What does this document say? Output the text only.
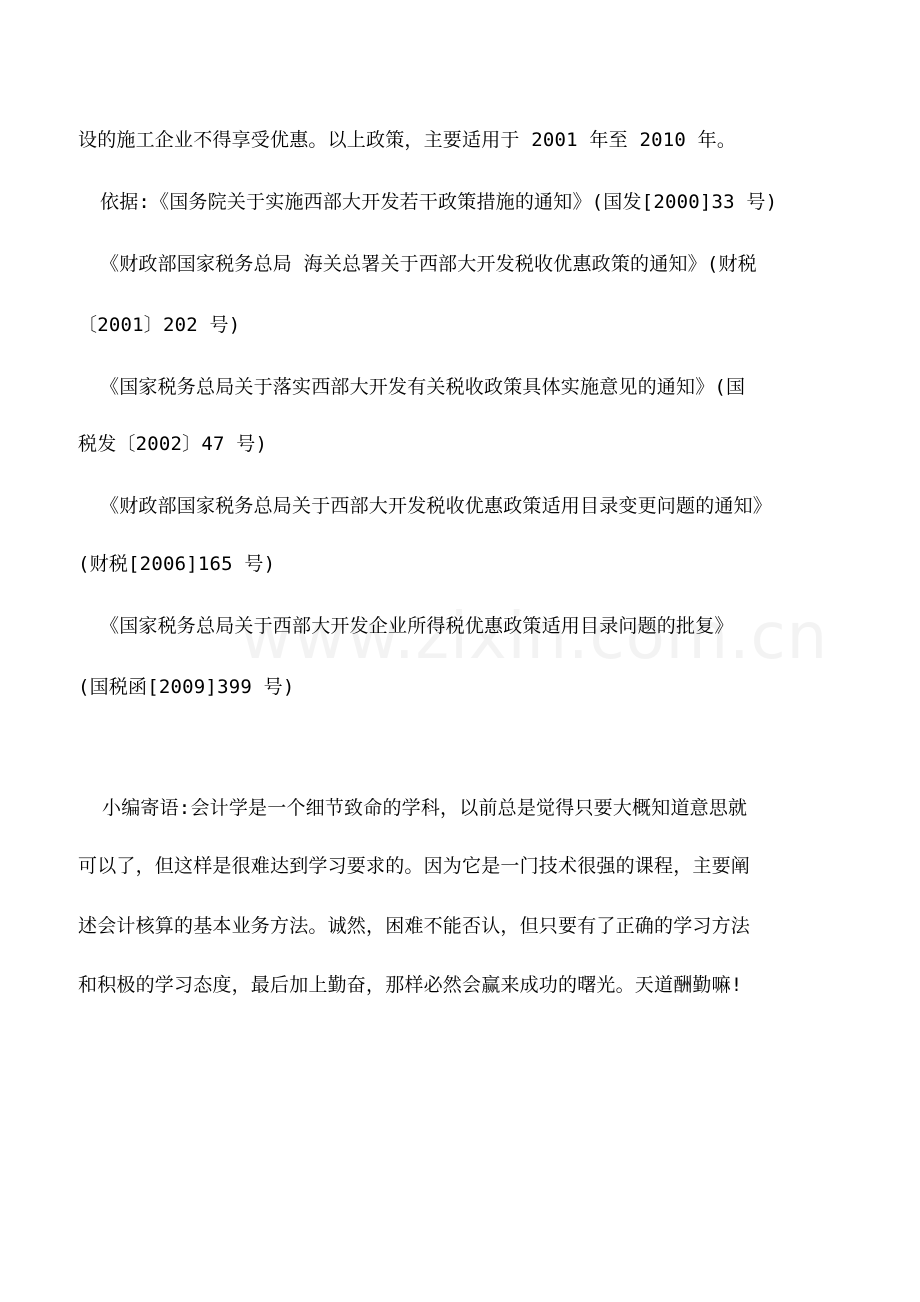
设的施工企业不得享受优惠。以上政策，主要适用于 2001 年至 2010 年。
依据:《国务院关于实施西部大开发若干政策措施的通知》(国发[2000]33 号)
《财政部国家税务总局 海关总署关于西部大开发税收优惠政策的通知》(财税
〔2001〕202 号)
《国家税务总局关于落实西部大开发有关税收政策具体实施意见的通知》(国
税发〔2002〕47 号)
《财政部国家税务总局关于西部大开发税收优惠政策适用目录变更问题的通知》
(财税[2006]165 号)
《国家税务总局关于西部大开发企业所得税优惠政策适用目录问题的批复》
(国税函[2009]399 号)
小编寄语:会计学是一个细节致命的学科，以前总是觉得只要大概知道意思就
可以了，但这样是很难达到学习要求的。因为它是一门技术很强的课程，主要阐
述会计核算的基本业务方法。诚然，困难不能否认，但只要有了正确的学习方法
和积极的学习态度，最后加上勤奋，那样必然会赢来成功的曙光。天道酬勤嘛!
